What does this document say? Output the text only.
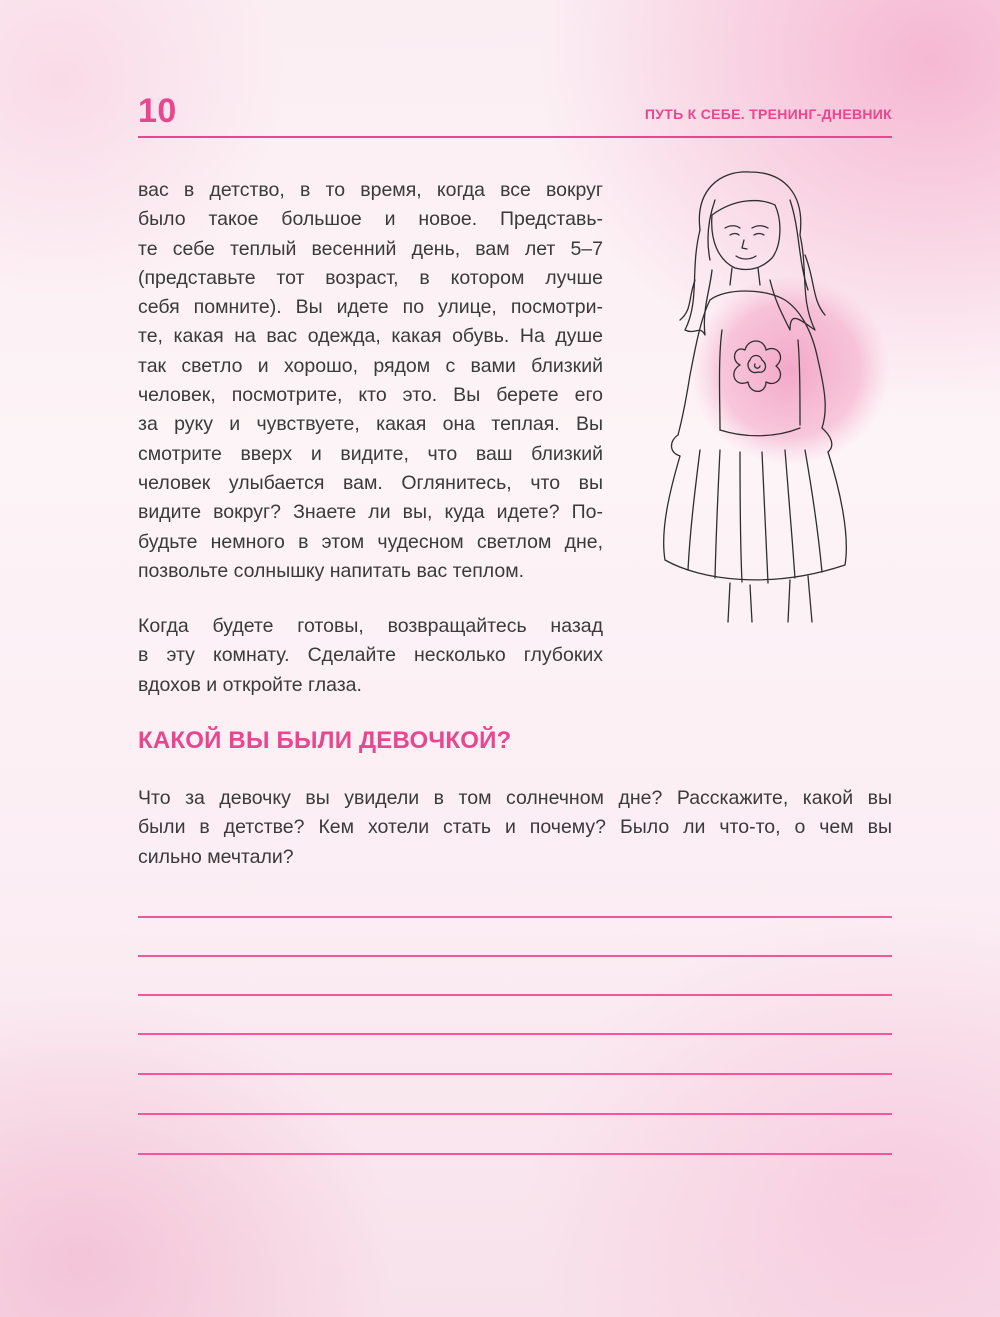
10	ПУТЬ К СЕБЕ. ТРЕНИНГ-ДНЕВНИК
вас в детство, в то время, когда все вокруг
было такое большое и новое. Представь-
те себе теплый весенний день, вам лет 5–7
(представьте тот возраст, в котором лучше
себя помните). Вы идете по улице, посмотри-
те, какая на вас одежда, какая обувь. На душе
так светло и хорошо, рядом с вами близкий
человек, посмотрите, кто это. Вы берете его
за руку и чувствуете, какая она теплая. Вы
смотрите вверх и видите, что ваш близкий
человек улыбается вам. Оглянитесь, что вы
видите вокруг? Знаете ли вы, куда идете? По-
будьте немного в этом чудесном светлом дне,
позвольте солнышку напитать вас теплом.
Когда будете готовы, возвращайтесь назад
в эту комнату. Сделайте несколько глубоких
вдохов и откройте глаза.
КАКОЙ ВЫ БЫЛИ ДЕВОЧКОЙ?
Что за девочку вы увидели в том солнечном дне? Расскажите, какой вы
были в детстве? Кем хотели стать и почему? Было ли что-то, о чем вы
сильно мечтали?
